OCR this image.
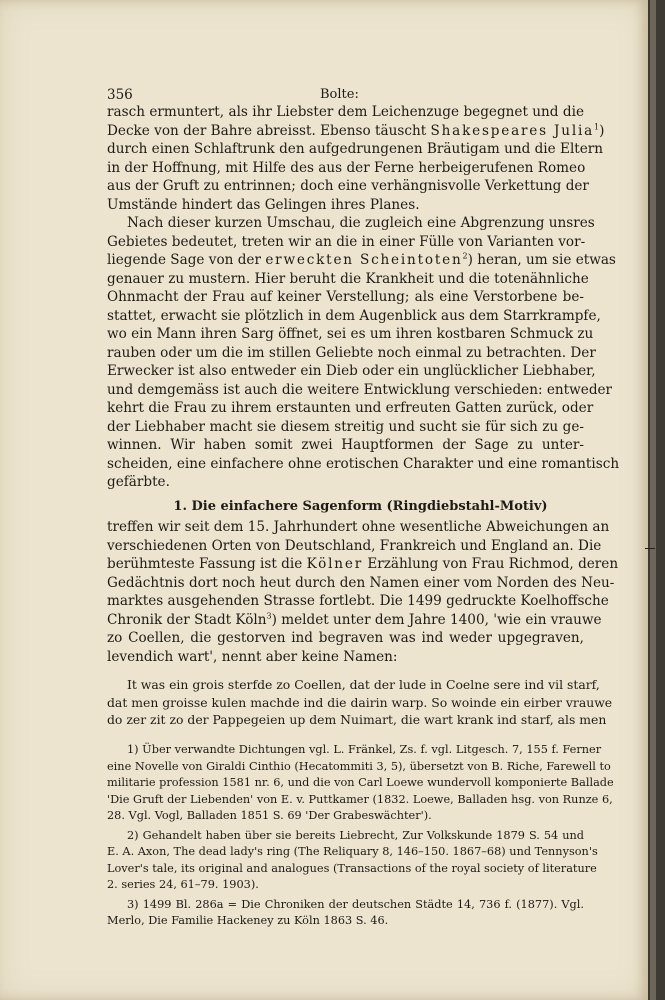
356	Bolte:
rasch ermuntert, als ihr Liebster dem Leichenzuge begegnet und die
Decke von der Bahre abreisst. Ebenso täuscht Shakespeares Julia$^1$)
durch einen Schlaftrunk den aufgedrungenen Bräutigam und die Eltern
in der Hoffnung, mit Hilfe des aus der Ferne herbeigerufenen Romeo
aus der Gruft zu entrinnen; doch eine verhängnisvolle Verkettung der
Umstände hindert das Gelingen ihres Planes.
Nach dieser kurzen Umschau, die zugleich eine Abgrenzung unsres
Gebietes bedeutet, treten wir an die in einer Fülle von Varianten vor-
liegende Sage von der erweckten Scheintoten$^2$) heran, um sie etwas
genauer zu mustern. Hier beruht die Krankheit und die totenähnliche
Ohnmacht der Frau auf keiner Verstellung; als eine Verstorbene be-
stattet, erwacht sie plötzlich in dem Augenblick aus dem Starrkrampfe,
wo ein Mann ihren Sarg öffnet, sei es um ihren kostbaren Schmuck zu
rauben oder um die im stillen Geliebte noch einmal zu betrachten. Der
Erwecker ist also entweder ein Dieb oder ein unglücklicher Liebhaber,
und demgemäss ist auch die weitere Entwicklung verschieden: entweder
kehrt die Frau zu ihrem erstaunten und erfreuten Gatten zurück, oder
der Liebhaber macht sie diesem streitig und sucht sie für sich zu ge-
winnen. Wir haben somit zwei Hauptformen der Sage zu unter-
scheiden, eine einfachere ohne erotischen Charakter und eine romantisch
gefärbte.
1. Die einfachere Sagenform (Ringdiebstahl-Motiv)
treffen wir seit dem 15. Jahrhundert ohne wesentliche Abweichungen an
verschiedenen Orten von Deutschland, Frankreich und England an. Die
berühmteste Fassung ist die Kölner Erzählung von Frau Richmod, deren
Gedächtnis dort noch heut durch den Namen einer vom Norden des Neu-
marktes ausgehenden Strasse fortlebt. Die 1499 gedruckte Koelhoffsche
Chronik der Stadt Köln$^3$) meldet unter dem Jahre 1400, 'wie ein vrauwe
zo Coellen, die gestorven ind begraven was ind weder upgegraven,
levendich wart', nennt aber keine Namen:
It was ein grois sterfde zo Coellen, dat der lude in Coelne sere ind vil starf,
dat men groisse kulen machde ind die dairin warp. So woinde ein eirber vrauwe
do zer zit zo der Pappegeien up dem Nuimart, die wart krank ind starf, als men
1) Über verwandte Dichtungen vgl. L. Fränkel, Zs. f. vgl. Litgesch. 7, 155 f. Ferner
eine Novelle von Giraldi Cinthio (Hecatommiti 3, 5), übersetzt von B. Riche, Farewell to
militarie profession 1581 nr. 6, und die von Carl Loewe wundervoll komponierte Ballade
'Die Gruft der Liebenden' von E. v. Puttkamer (1832. Loewe, Balladen hsg. von Runze 6,
28. Vgl. Vogl, Balladen 1851 S. 69 'Der Grabeswächter').
2) Gehandelt haben über sie bereits Liebrecht, Zur Volkskunde 1879 S. 54 und
E. A. Axon, The dead lady's ring (The Reliquary 8, 146–150. 1867–68) und Tennyson's
Lover's tale, its original and analogues (Transactions of the royal society of literature
2. series 24, 61–79. 1903).
3) 1499 Bl. 286a = Die Chroniken der deutschen Städte 14, 736 f. (1877). Vgl.
Merlo, Die Familie Hackeney zu Köln 1863 S. 46.
